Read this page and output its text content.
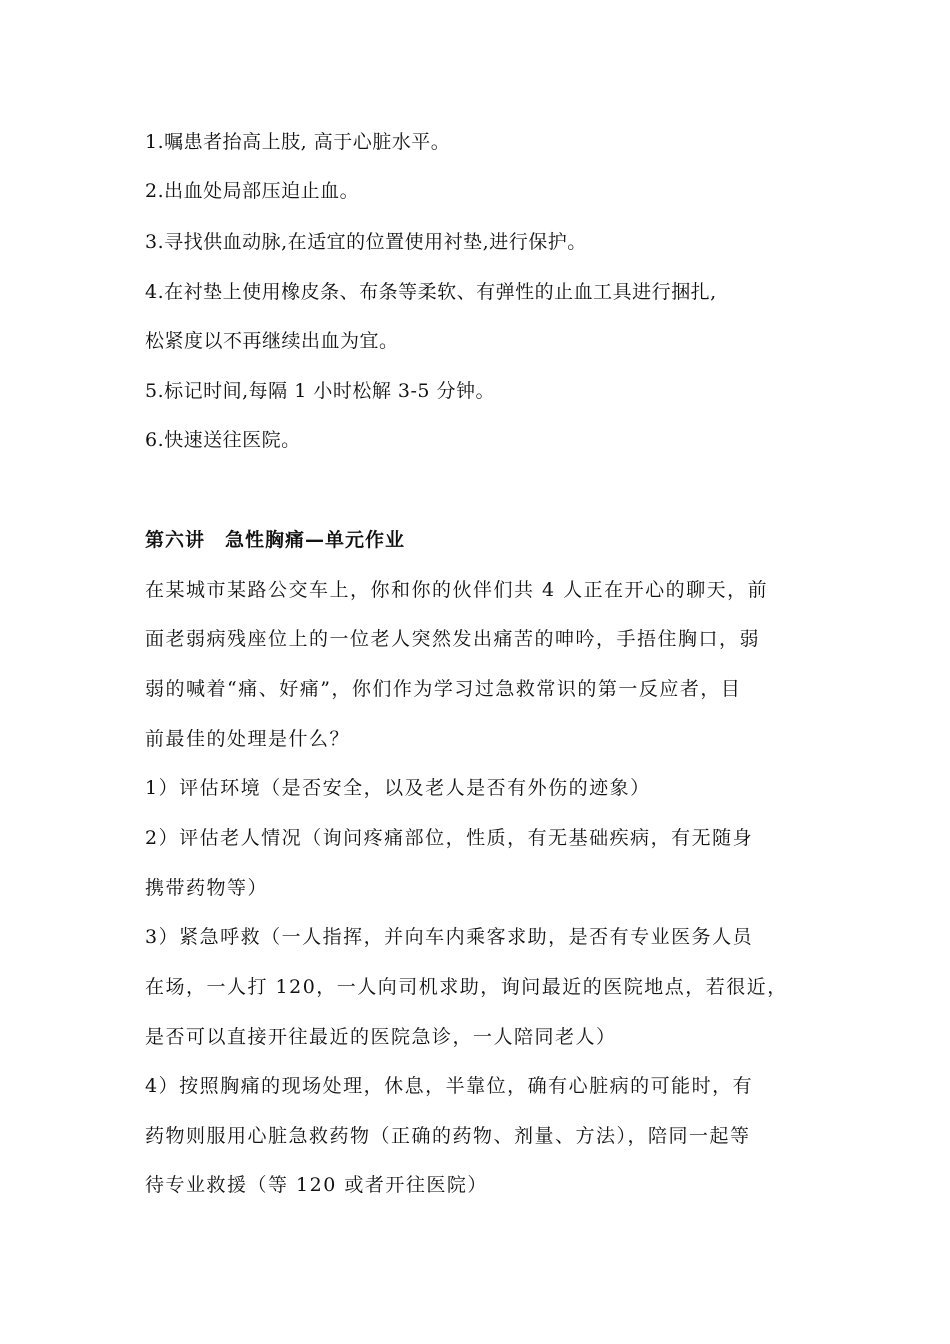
1.嘱患者抬高上肢, 高于心脏水平。
2.出血处局部压迫止血。
3.寻找供血动脉,在适宜的位置使用衬垫,进行保护。
4.在衬垫上使用橡皮条、布条等柔软、有弹性的止血工具进行捆扎,
松紧度以不再继续出血为宜。
5.标记时间,每隔 1 小时松解 3-5 分钟。
6.快速送往医院。
第六讲　急性胸痛—单元作业
在某城市某路公交车上，你和你的伙伴们共 4 人正在开心的聊天，前
面老弱病残座位上的一位老人突然发出痛苦的呻吟，手捂住胸口，弱
弱的喊着“痛、好痛”，你们作为学习过急救常识的第一反应者，目
前最佳的处理是什么？
1）评估环境（是否安全，以及老人是否有外伤的迹象）
2）评估老人情况（询问疼痛部位，性质，有无基础疾病，有无随身
携带药物等）
3）紧急呼救（一人指挥，并向车内乘客求助，是否有专业医务人员
在场，一人打 120，一人向司机求助，询问最近的医院地点，若很近，
是否可以直接开往最近的医院急诊，一人陪同老人）
4）按照胸痛的现场处理，休息，半靠位，确有心脏病的可能时，有
药物则服用心脏急救药物（正确的药物、剂量、方法），陪同一起等
待专业救援（等 120 或者开往医院）
